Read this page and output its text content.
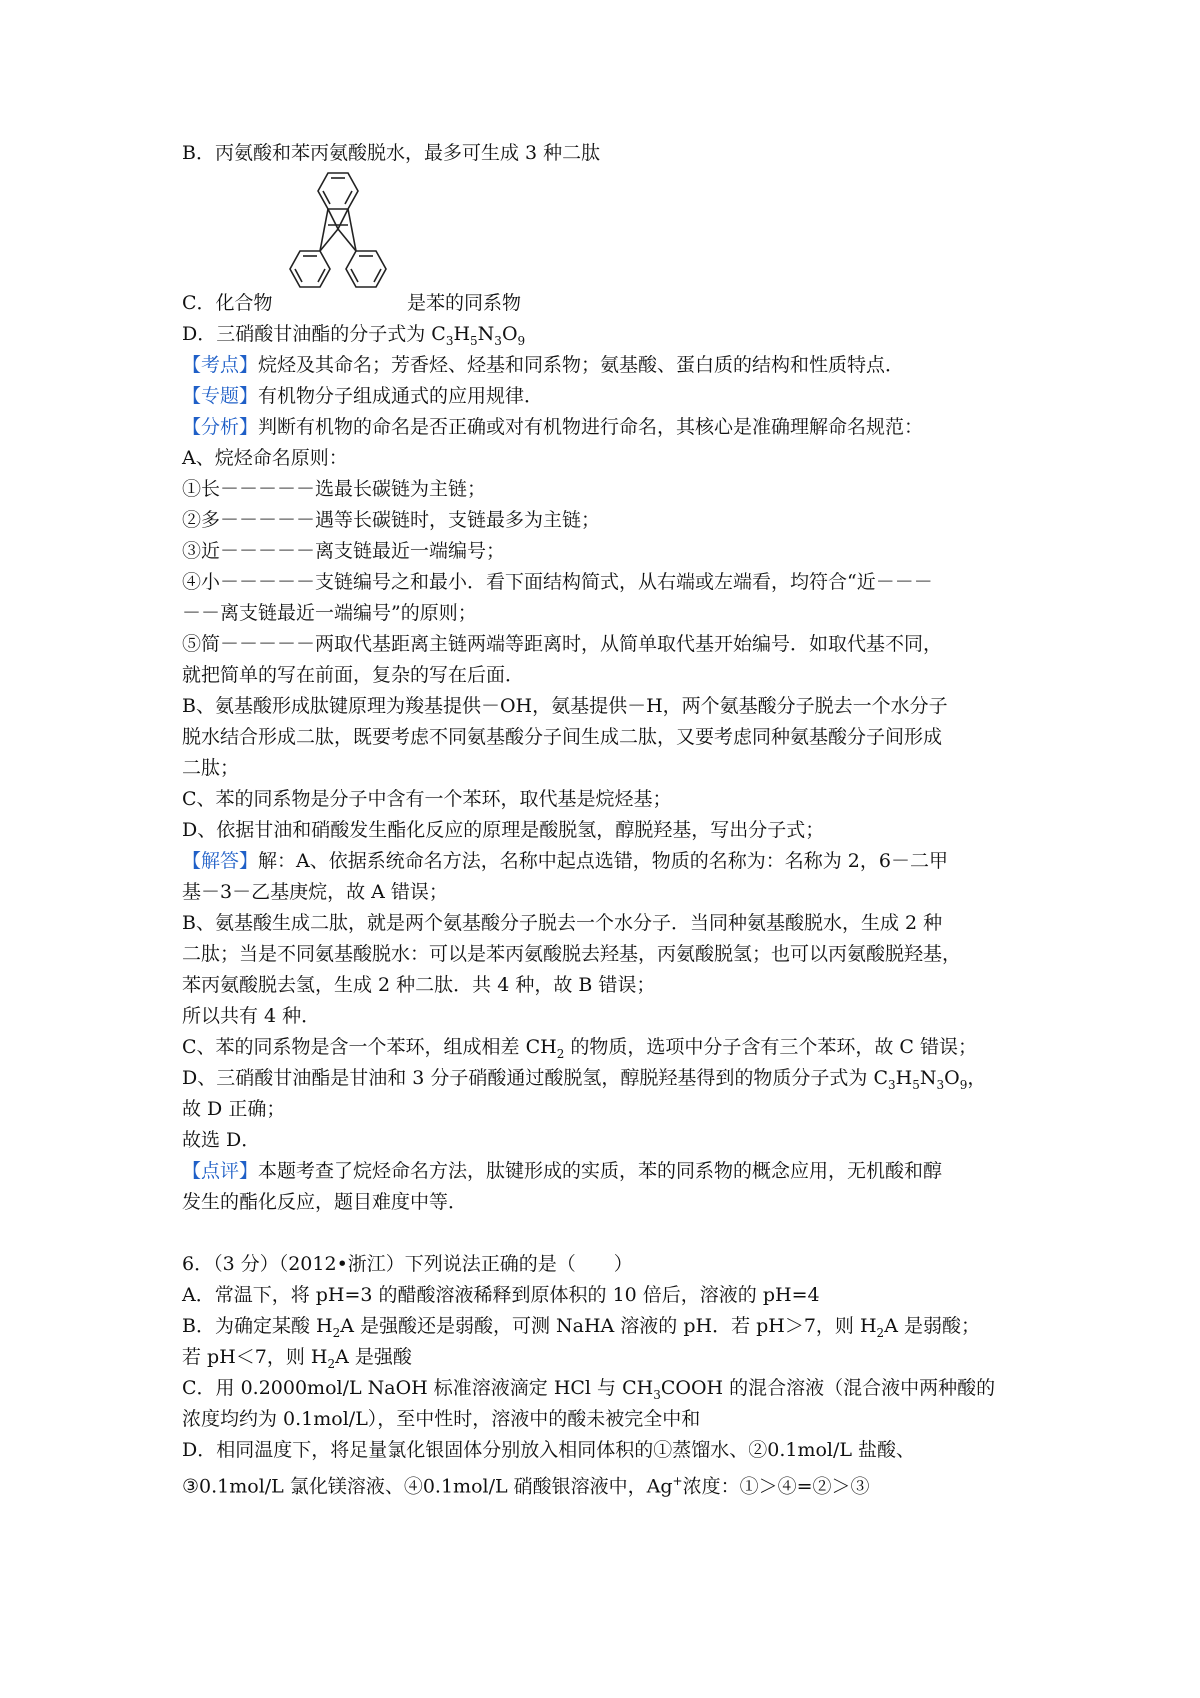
B．丙氨酸和苯丙氨酸脱水，最多可生成 3 种二肽
C．化合物	是苯的同系物
D．三硝酸甘油酯的分子式为 $C_3H_5N_3O_9$
【考点】烷烃及其命名；芳香烃、烃基和同系物；氨基酸、蛋白质的结构和性质特点．
【专题】有机物分子组成通式的应用规律．
【分析】判断有机物的命名是否正确或对有机物进行命名，其核心是准确理解命名规范：
A、烷烃命名原则：
①长－－－－－选最长碳链为主链；
②多－－－－－遇等长碳链时，支链最多为主链；
③近－－－－－离支链最近一端编号；
④小－－－－－支链编号之和最小．看下面结构简式，从右端或左端看，均符合“近－－－
－－离支链最近一端编号”的原则；
⑤简－－－－－两取代基距离主链两端等距离时，从简单取代基开始编号．如取代基不同，
就把简单的写在前面，复杂的写在后面．
B、氨基酸形成肽键原理为羧基提供－OH，氨基提供－H，两个氨基酸分子脱去一个水分子
脱水结合形成二肽，既要考虑不同氨基酸分子间生成二肽，又要考虑同种氨基酸分子间形成
二肽；
C、苯的同系物是分子中含有一个苯环，取代基是烷烃基；
D、依据甘油和硝酸发生酯化反应的原理是酸脱氢，醇脱羟基，写出分子式；
【解答】解：A、依据系统命名方法，名称中起点选错，物质的名称为：名称为 2，6－二甲
基－3－乙基庚烷，故 A 错误；
B、氨基酸生成二肽，就是两个氨基酸分子脱去一个水分子．当同种氨基酸脱水，生成 2 种
二肽；当是不同氨基酸脱水：可以是苯丙氨酸脱去羟基，丙氨酸脱氢；也可以丙氨酸脱羟基，
苯丙氨酸脱去氢，生成 2 种二肽．共 4 种，故 B 错误；
所以共有 4 种．
C、苯的同系物是含一个苯环，组成相差 $CH_2$ 的物质，选项中分子含有三个苯环，故 C 错误；
D、三硝酸甘油酯是甘油和 3 分子硝酸通过酸脱氢，醇脱羟基得到的物质分子式为 $C_3H_5N_3O_9$，
故 D 正确；
故选 D．
【点评】本题考查了烷烃命名方法，肽键形成的实质，苯的同系物的概念应用，无机酸和醇
发生的酯化反应，题目难度中等．
6．（3 分）（2012•浙江）下列说法正确的是（　　）
A．常温下，将 pH=3 的醋酸溶液稀释到原体积的 10 倍后，溶液的 pH=4
B．为确定某酸 $H_2A$ 是强酸还是弱酸，可测 NaHA 溶液的 pH．若 pH＞7，则 $H_2A$ 是弱酸；
若 pH＜7，则 $H_2A$ 是强酸
C．用 0.2000mol/L NaOH 标准溶液滴定 HCl 与 $CH_3COOH$ 的混合溶液（混合液中两种酸的
浓度均约为 0.1mol/L），至中性时，溶液中的酸未被完全中和
D．相同温度下，将足量氯化银固体分别放入相同体积的①蒸馏水、②0.1mol/L 盐酸、
③0.1mol/L 氯化镁溶液、④0.1mol/L 硝酸银溶液中，Ag+浓度：①＞④=②＞③
